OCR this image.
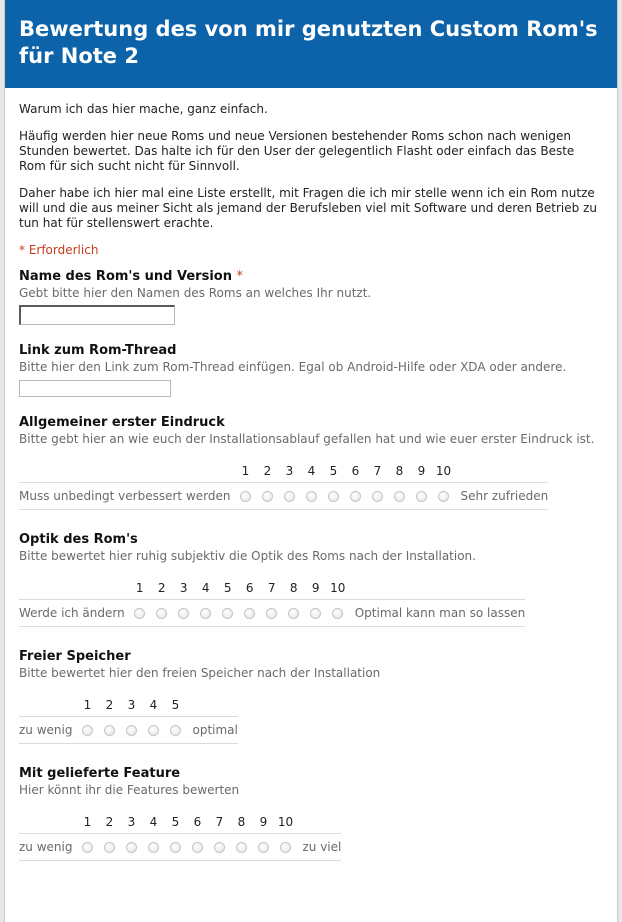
Bewertung des von mir genutzten Custom Rom's für Note 2

Warum ich das hier mache, ganz einfach.

Häufig werden hier neue Roms und neue Versionen bestehender Roms schon nach wenigen Stunden bewertet. Das halte ich für den User der gelegentlich Flasht oder einfach das Beste Rom für sich sucht nicht für Sinnvoll.

Daher habe ich hier mal eine Liste erstellt, mit Fragen die ich mir stelle wenn ich ein Rom nutze will und die aus meiner Sicht als jemand der Berufsleben viel mit Software und deren Betrieb zu tun hat für stellenswert erachte.

* Erforderlich
Name des Rom's und Version *
Gebt bitte hier den Namen des Roms an welches Ihr nutzt.
Link zum Rom-Thread
Bitte hier den Link zum Rom-Thread einfügen. Egal ob Android-Hilfe oder XDA oder andere.
Allgemeiner erster Eindruck
Bitte gebt hier an wie euch der Installationsablauf gefallen hat und wie euer erster Eindruck ist.
	1	2	3	4	5	6	7	8	9	10	
Muss unbedingt verbessert werden											Sehr zufrieden
Optik des Rom's
Bitte bewertet hier ruhig subjektiv die Optik des Roms nach der Installation.
	1	2	3	4	5	6	7	8	9	10	
Werde ich ändern											Optimal kann man so lassen
Freier Speicher
Bitte bewertet hier den freien Speicher nach der Installation
	1	2	3	4	5	
zu wenig						optimal
Mit gelieferte Feature
Hier könnt ihr die Features bewerten
	1	2	3	4	5	6	7	8	9	10	
zu wenig											zu viel
